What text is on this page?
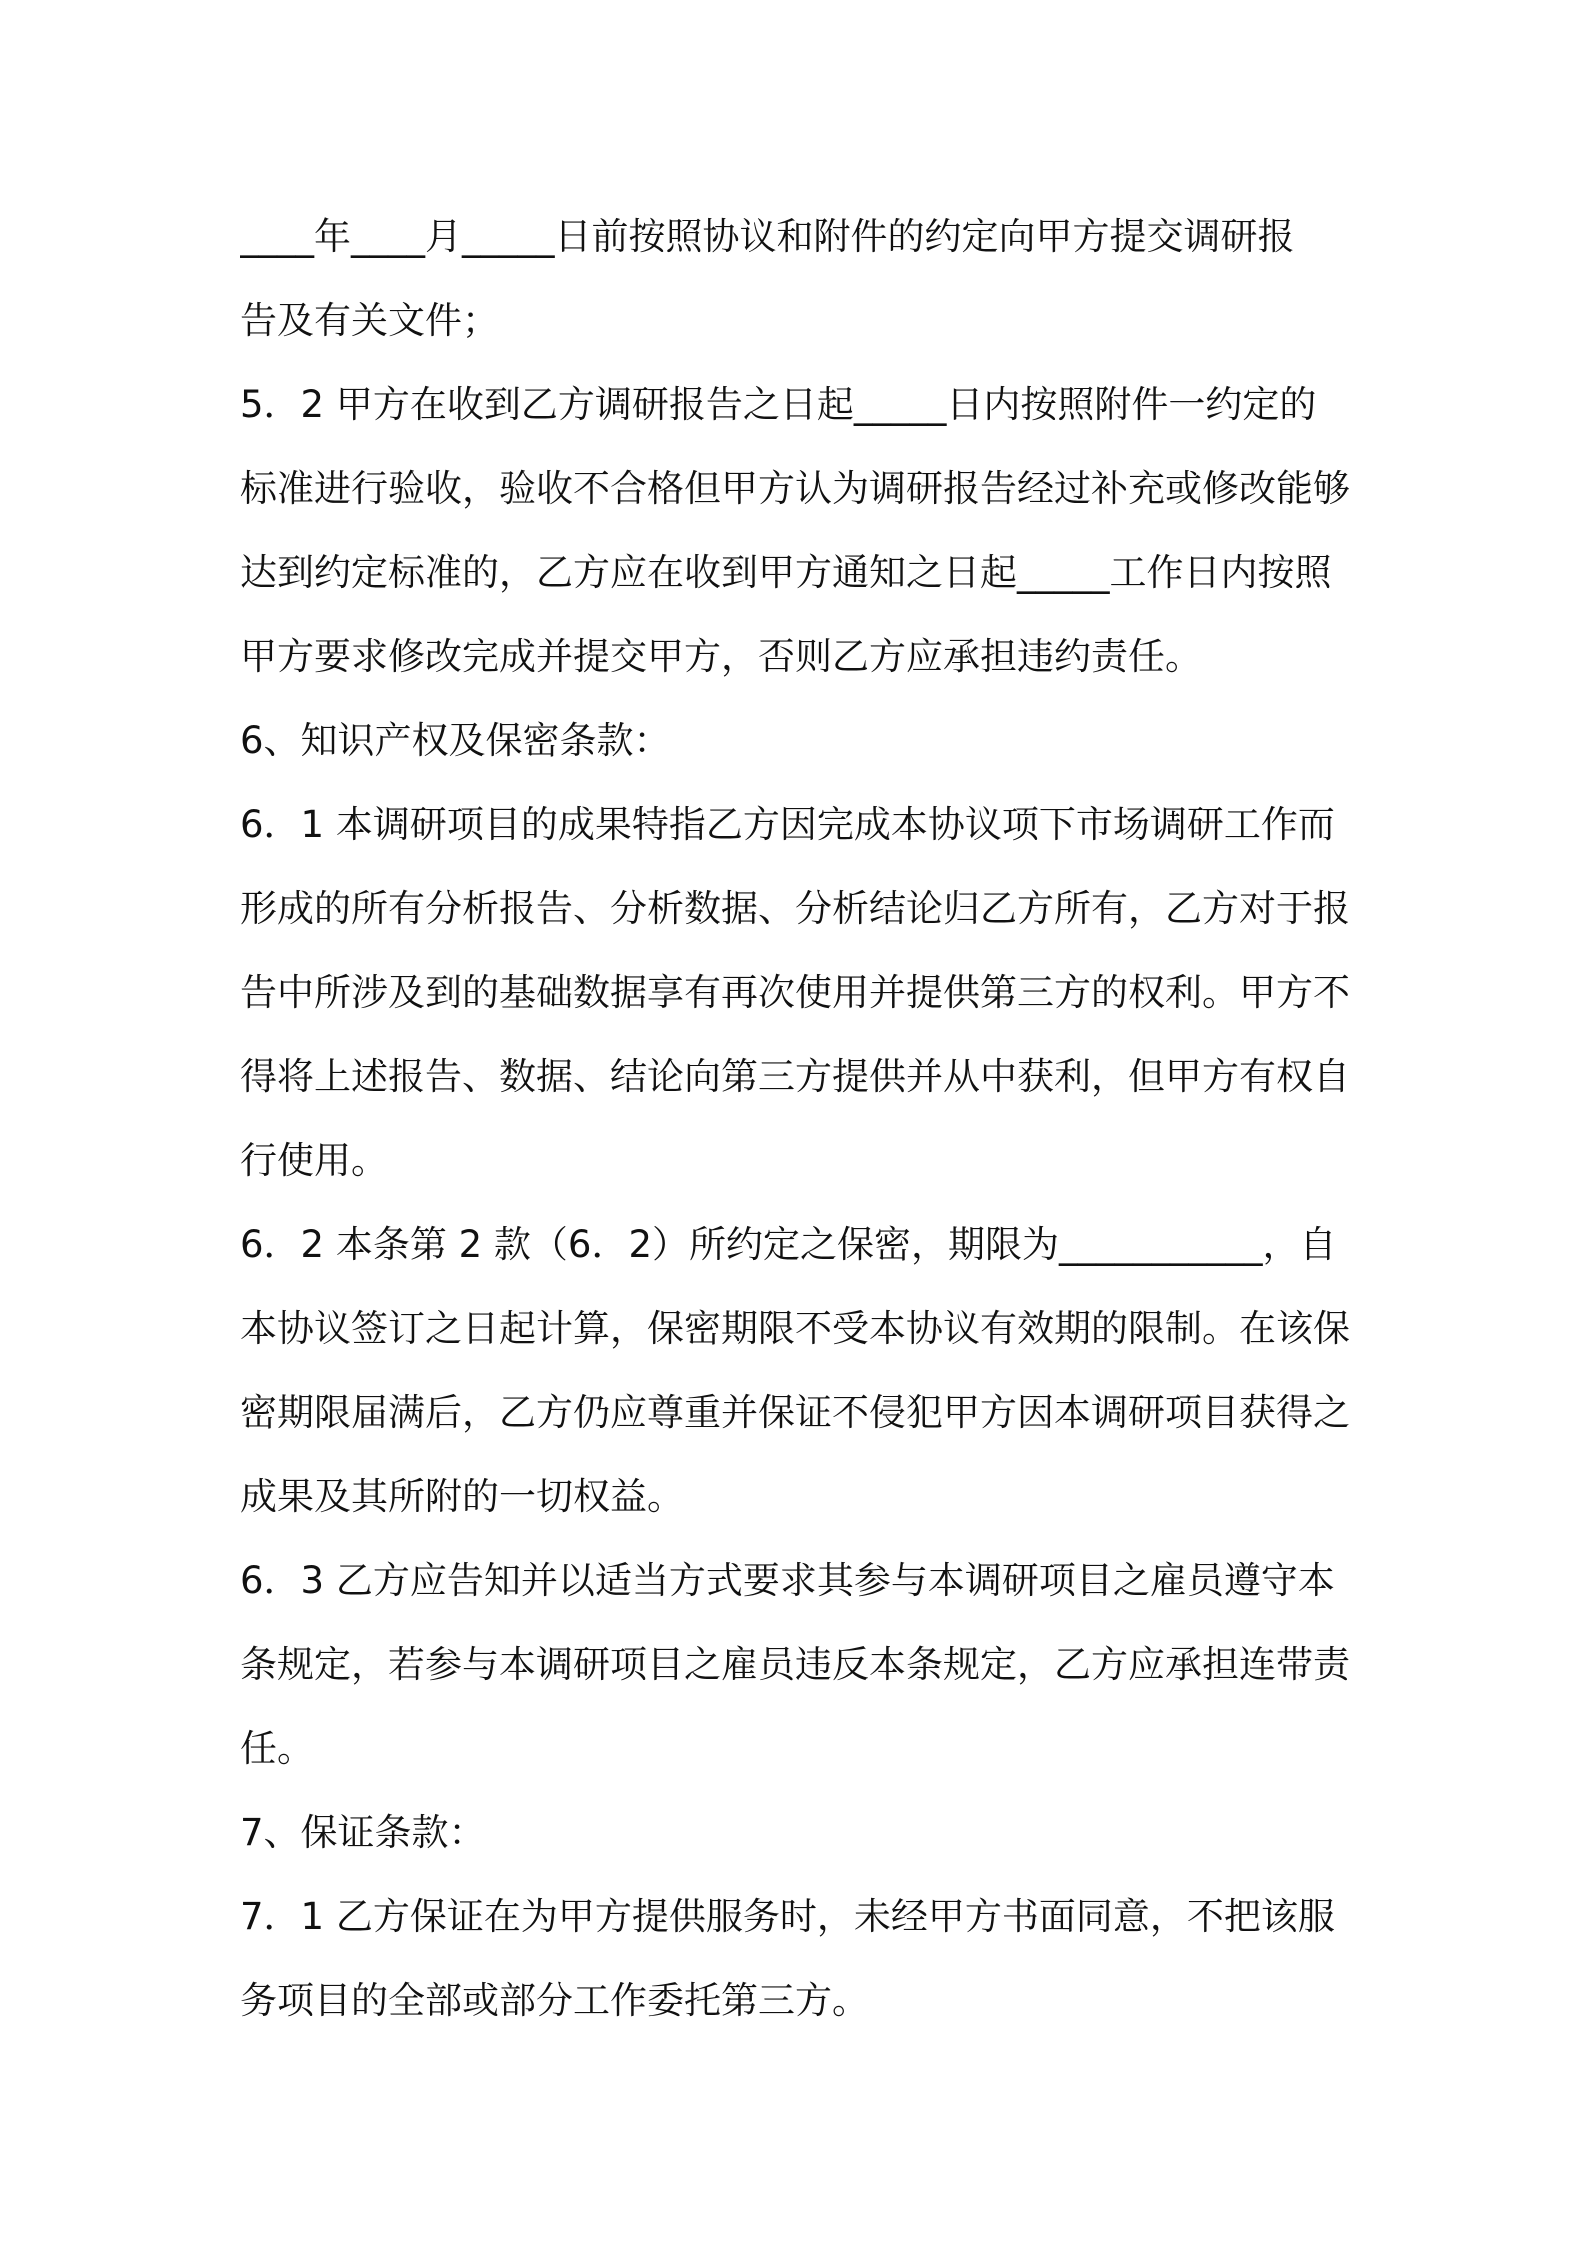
____年____月_____日前按照协议和附件的约定向甲方提交调研报
告及有关文件；
5．2 甲方在收到乙方调研报告之日起_____日内按照附件一约定的
标准进行验收，验收不合格但甲方认为调研报告经过补充或修改能够
达到约定标准的，乙方应在收到甲方通知之日起_____工作日内按照
甲方要求修改完成并提交甲方，否则乙方应承担违约责任。
6、知识产权及保密条款：
6．1 本调研项目的成果特指乙方因完成本协议项下市场调研工作而
形成的所有分析报告、分析数据、分析结论归乙方所有，乙方对于报
告中所涉及到的基础数据享有再次使用并提供第三方的权利。甲方不
得将上述报告、数据、结论向第三方提供并从中获利，但甲方有权自
行使用。
6．2 本条第 2 款（6．2）所约定之保密，期限为___________，自
本协议签订之日起计算，保密期限不受本协议有效期的限制。在该保
密期限届满后，乙方仍应尊重并保证不侵犯甲方因本调研项目获得之
成果及其所附的一切权益。
6．3 乙方应告知并以适当方式要求其参与本调研项目之雇员遵守本
条规定，若参与本调研项目之雇员违反本条规定，乙方应承担连带责
任。
7、保证条款：
7．1 乙方保证在为甲方提供服务时，未经甲方书面同意，不把该服
务项目的全部或部分工作委托第三方。
